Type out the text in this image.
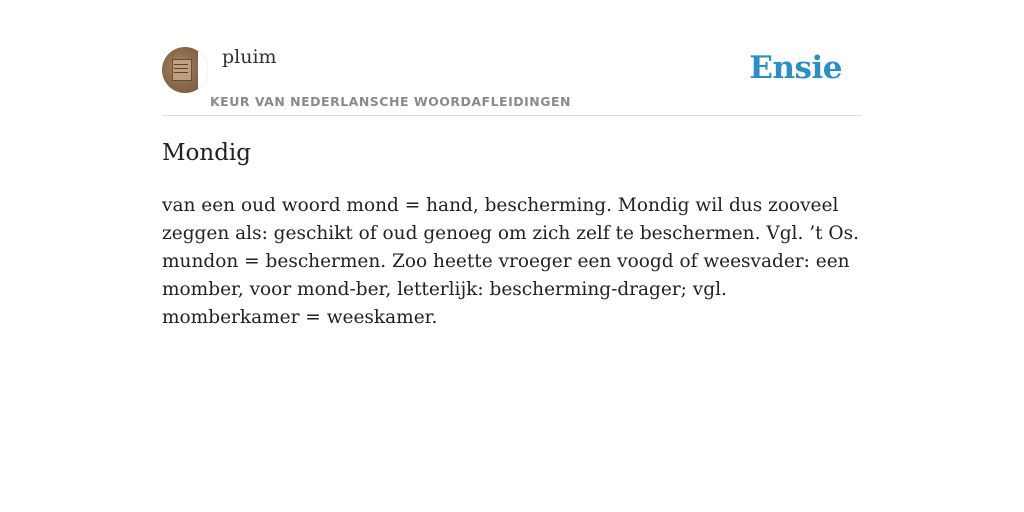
pluim
KEUR VAN NEDERLANSCHE WOORDAFLEIDINGEN
Ensie
Mondig

van een oud woord mond = hand, bescherming. Mondig wil dus zooveel zeggen als: geschikt of oud genoeg om zich zelf te beschermen. Vgl. ’t Os. mundon = beschermen. Zoo heette vroeger een voogd of weesvader: een momber, voor mond-ber, letterlijk: bescherming-drager; vgl. momberkamer = weeskamer.
